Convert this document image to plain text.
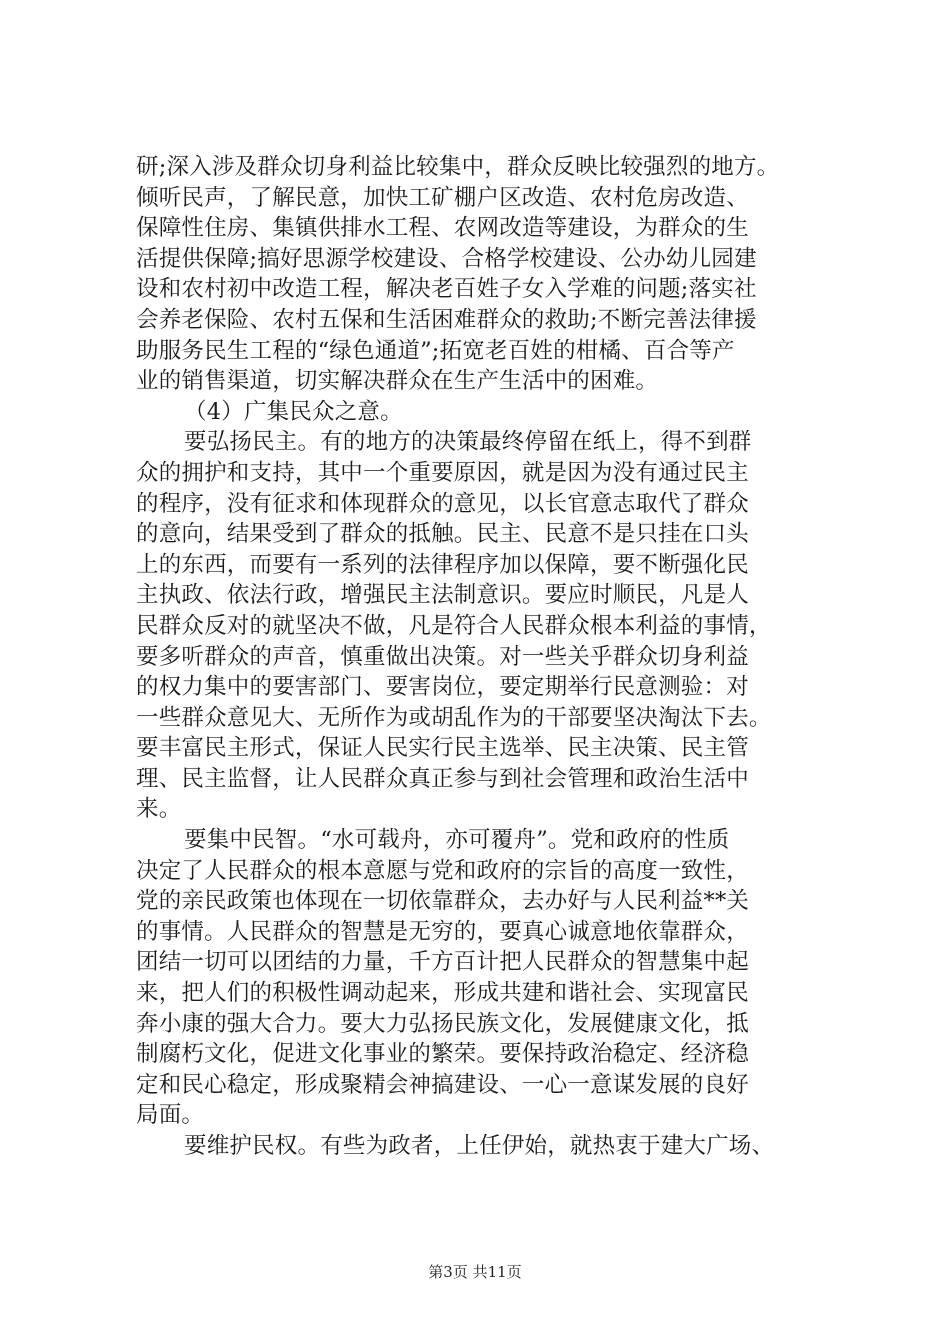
研;深入涉及群众切身利益比较集中，群众反映比较强烈的地方。
倾听民声，了解民意，加快工矿棚户区改造、农村危房改造、
保障性住房、集镇供排水工程、农网改造等建设，为群众的生
活提供保障;搞好思源学校建设、合格学校建设、公办幼儿园建
设和农村初中改造工程，解决老百姓子女入学难的问题;落实社
会养老保险、农村五保和生活困难群众的救助;不断完善法律援
助服务民生工程的“绿色通道”;拓宽老百姓的柑橘、百合等产
业的销售渠道，切实解决群众在生产生活中的困难。
（4）广集民众之意。
要弘扬民主。有的地方的决策最终停留在纸上，得不到群
众的拥护和支持，其中一个重要原因，就是因为没有通过民主
的程序，没有征求和体现群众的意见，以长官意志取代了群众
的意向，结果受到了群众的抵触。民主、民意不是只挂在口头
上的东西，而要有一系列的法律程序加以保障，要不断强化民
主执政、依法行政，增强民主法制意识。要应时顺民，凡是人
民群众反对的就坚决不做，凡是符合人民群众根本利益的事情，
要多听群众的声音，慎重做出决策。对一些关乎群众切身利益
的权力集中的要害部门、要害岗位，要定期举行民意测验：对
一些群众意见大、无所作为或胡乱作为的干部要坚决淘汰下去。
要丰富民主形式，保证人民实行民主选举、民主决策、民主管
理、民主监督，让人民群众真正参与到社会管理和政治生活中
来。
要集中民智。“水可载舟，亦可覆舟”。党和政府的性质
决定了人民群众的根本意愿与党和政府的宗旨的高度一致性，
党的亲民政策也体现在一切依靠群众，去办好与人民利益**关
的事情。人民群众的智慧是无穷的，要真心诚意地依靠群众，
团结一切可以团结的力量，千方百计把人民群众的智慧集中起
来，把人们的积极性调动起来，形成共建和谐社会、实现富民
奔小康的强大合力。要大力弘扬民族文化，发展健康文化，抵
制腐朽文化，促进文化事业的繁荣。要保持政治稳定、经济稳
定和民心稳定，形成聚精会神搞建设、一心一意谋发展的良好
局面。
要维护民权。有些为政者，上任伊始，就热衷于建大广场、
第3页 共11页
